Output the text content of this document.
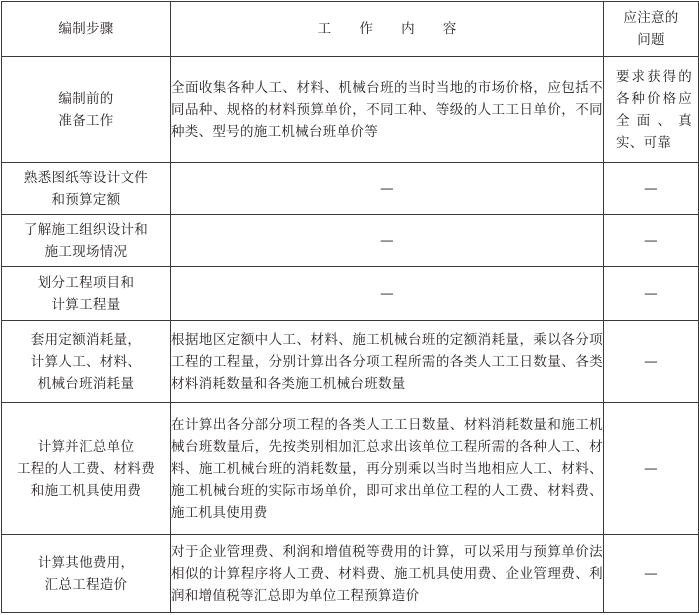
编制步骤	工 作 内 容	应注意的
问题

编制前的
准备工作	全面收集各种人工、材料、机械台班的当时当地的市场价格，应包括不同品种、规格的材料预算单价，不同工种、等级的人工工日单价，不同种类、型号的施工机械台班单价等	要求获得的各种价格应全面、真实、可靠

熟悉图纸等设计文件
和预算定额	—	—

了解施工组织设计和
施工现场情况	—	—

划分工程项目和
计算工程量	—	—

套用定额消耗量，
计算人工、材料、
机械台班消耗量	根据地区定额中人工、材料、施工机械台班的定额消耗量，乘以各分项工程的工程量，分别计算出各分项工程所需的各类人工工日数量、各类材料消耗数量和各类施工机械台班数量	—

计算并汇总单位
工程的人工费、材料费
和施工机具使用费	在计算出各分部分项工程的各类人工工日数量、材料消耗数量和施工机械台班数量后，先按类别相加汇总求出该单位工程所需的各种人工、材料、施工机械台班的消耗数量，再分别乘以当时当地相应人工、材料、施工机械台班的实际市场单价，即可求出单位工程的人工费、材料费、施工机具使用费	—

计算其他费用，
汇总工程造价	对于企业管理费、利润和增值税等费用的计算，可以采用与预算单价法相似的计算程序将人工费、材料费、施工机具使用费、企业管理费、利润和增值税等汇总即为单位工程预算造价	—
